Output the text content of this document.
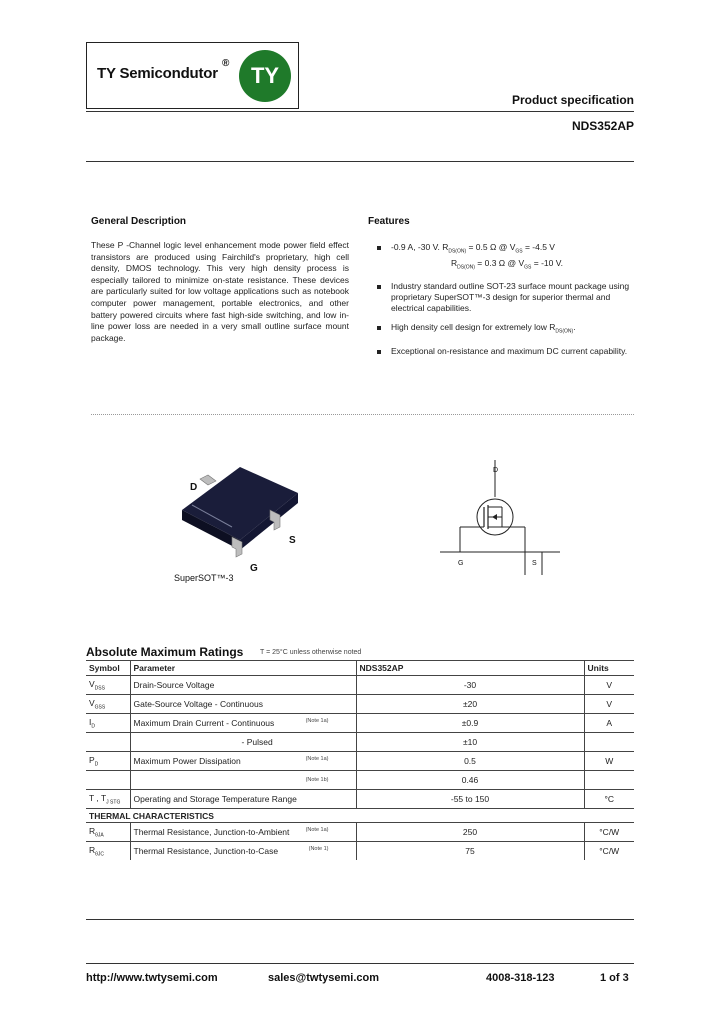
TY Semicondutor
® TY
Product specification
NDS352AP
General Description
These P -Channel logic level enhancement mode power field effect transistors are produced using Fairchild's proprietary, high cell density, DMOS technology. This very high density process is especially tailored to minimize on-state resistance. These devices are particularly suited for low voltage applications such as notebook computer power management, portable electronics, and other battery powered circuits where fast high-side switching, and low in-line power loss are needed in a very small outline surface mount package.
Features
-0.9 A, -30 V. $R_{DS(ON)} = 0.5$ Ω @ $V_{GS} = -4.5$ V
$R_{DS(ON)} = 0.3$ Ω @ $V_{GS} = -10$ V.
Industry standard outline SOT-23 surface mount package using proprietary SuperSOT™-3 design for superior thermal and electrical capabilities.
High density cell design for extremely low $R_{DS(ON)}$.
Exceptional on-resistance and maximum DC current capability.
D
S
G
SuperSOT™-3
D
G	S
Absolute Maximum Ratings T = 25°C unless otherwise noted
Symbol	Parameter	NDS352AP	Units
$V_{DSS}$	Drain-Source Voltage	-30	V
$V_{GSS}$	Gate-Source Voltage - Continuous	±20	V
$I_D$	Maximum Drain Current - Continuous (Note 1a)	±0.9	A
	- Pulsed	±10	
$P_D$	Maximum Power Dissipation (Note 1a)	0.5	W

	(Note 1b)	0.46	
T , $T_{J STG}$	Operating and Storage Temperature Range	-55 to 150	°C
THERMAL CHARACTERISTICS			
$R_{\theta JA}$	Thermal Resistance, Junction-to-Ambient (Note 1a)	250	°C/W
$R_{\theta JC}$	Thermal Resistance, Junction-to-Case (Note 1)	75	°C/W
http://www.twtysemi.com	sales@twtysemi.com	4008-318-123	1 of 3
